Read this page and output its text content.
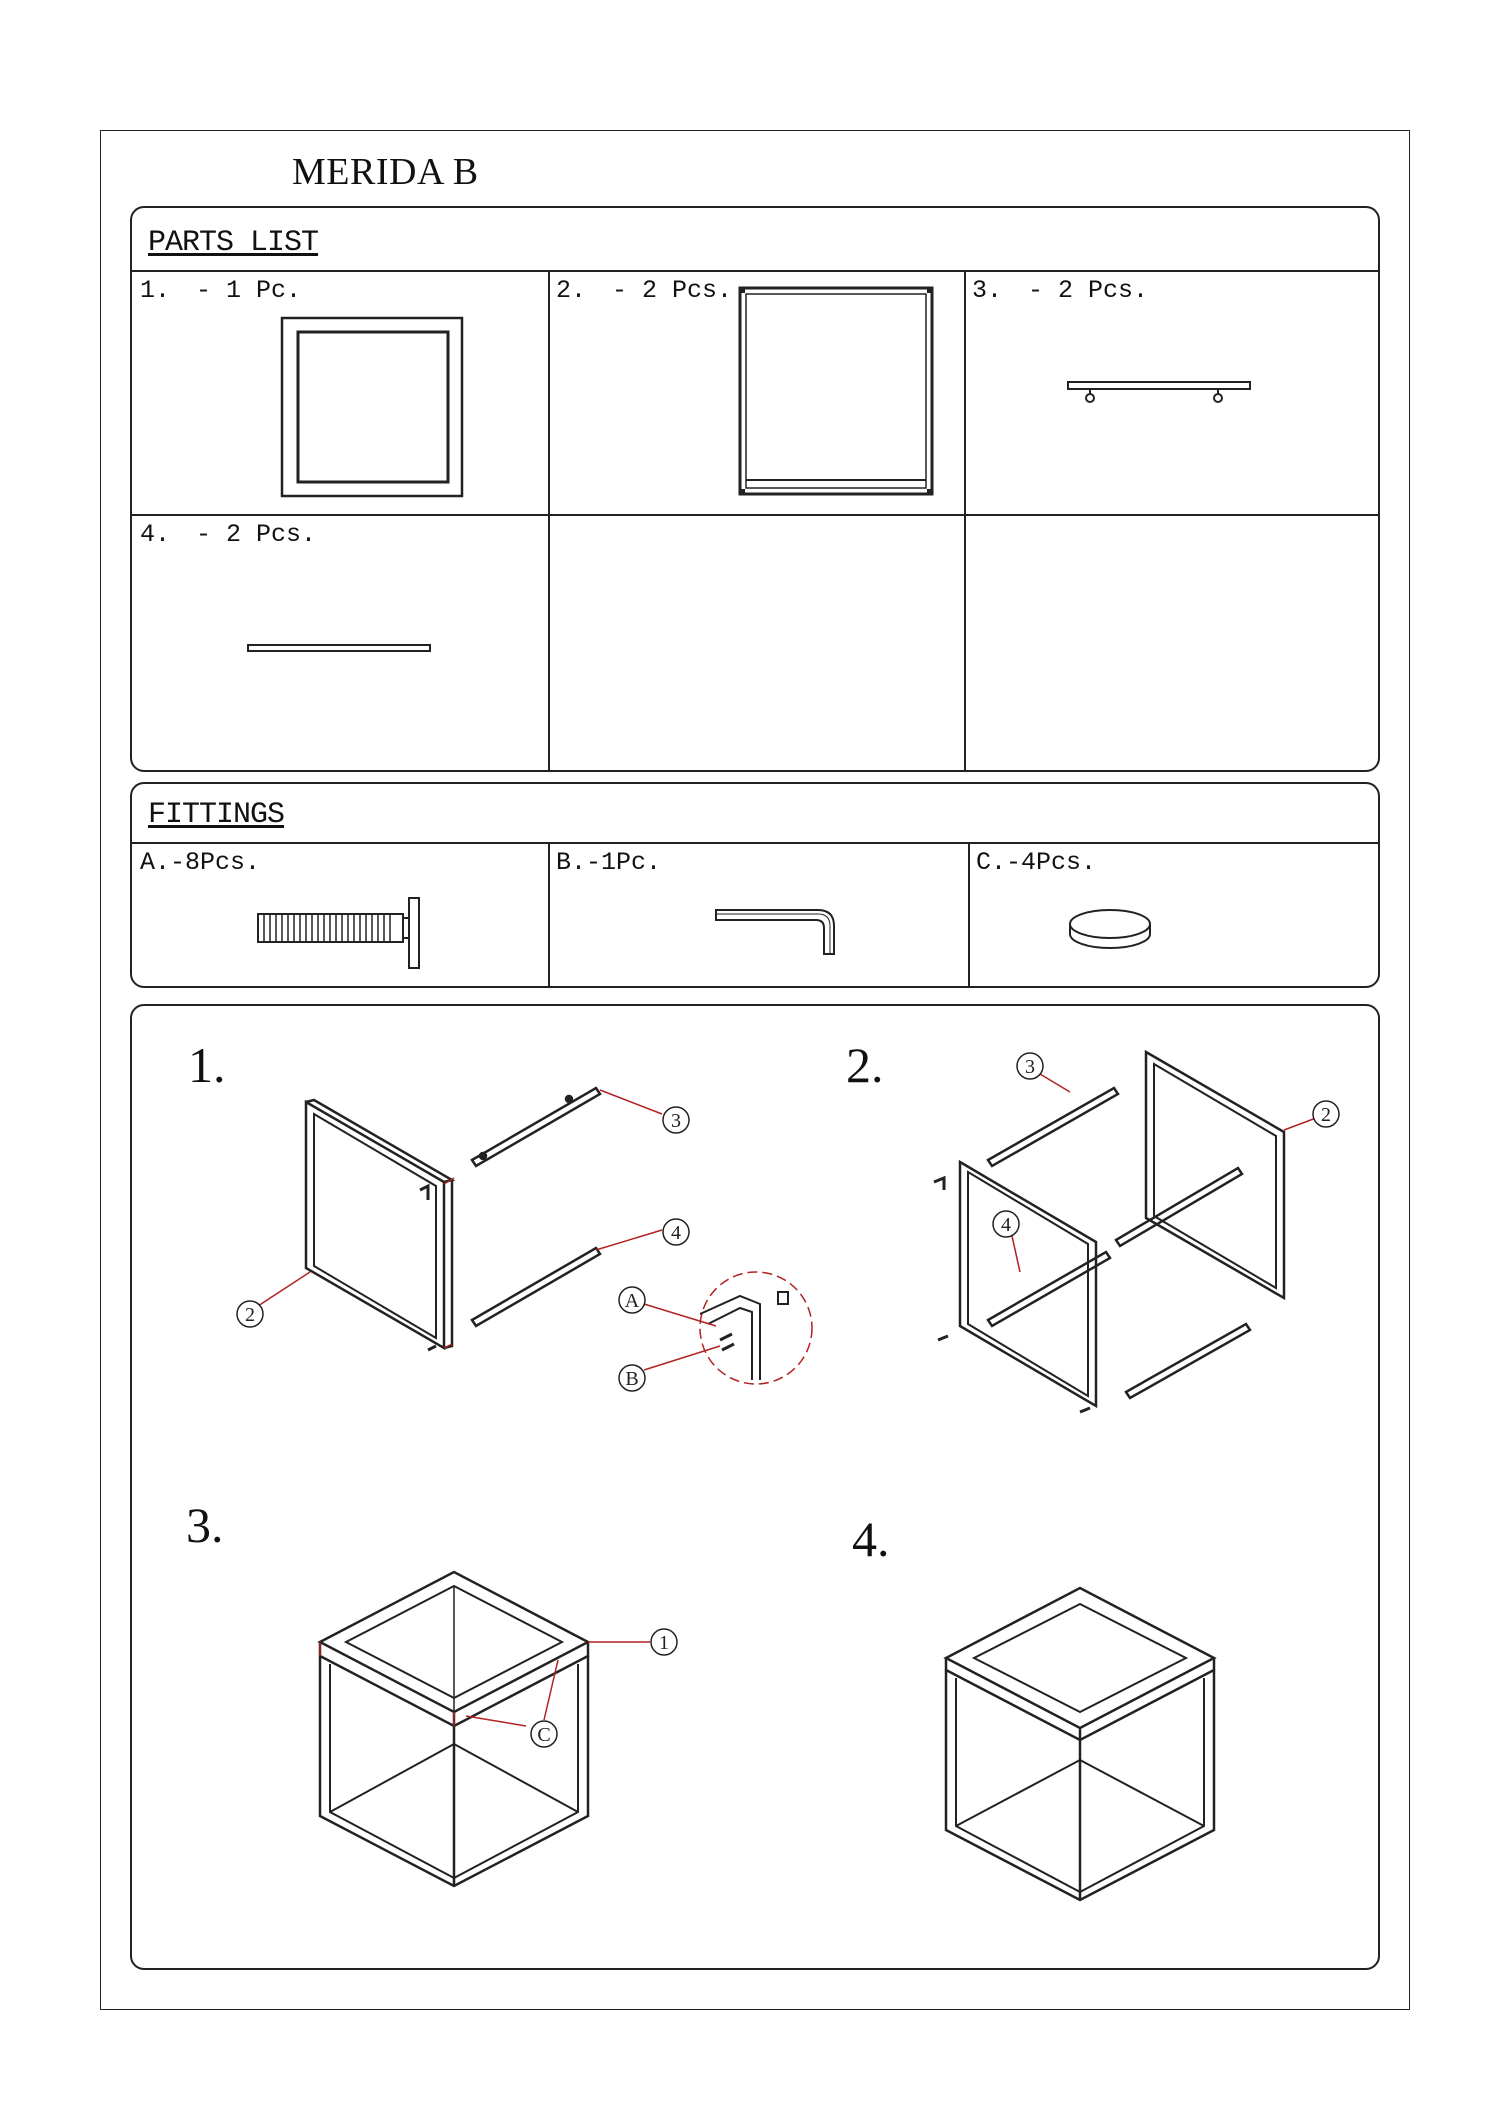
MERIDA B
PARTS LIST
1. - 1 Pc.	2. - 2 Pcs.	3. - 2 Pcs.
4. - 2 Pcs.
FITTINGS
A.-8Pcs.	B.-1Pc.	C.-4Pcs.
1.	2.
3.	4.
3
4
2
A
B
3
2
4
1
C
